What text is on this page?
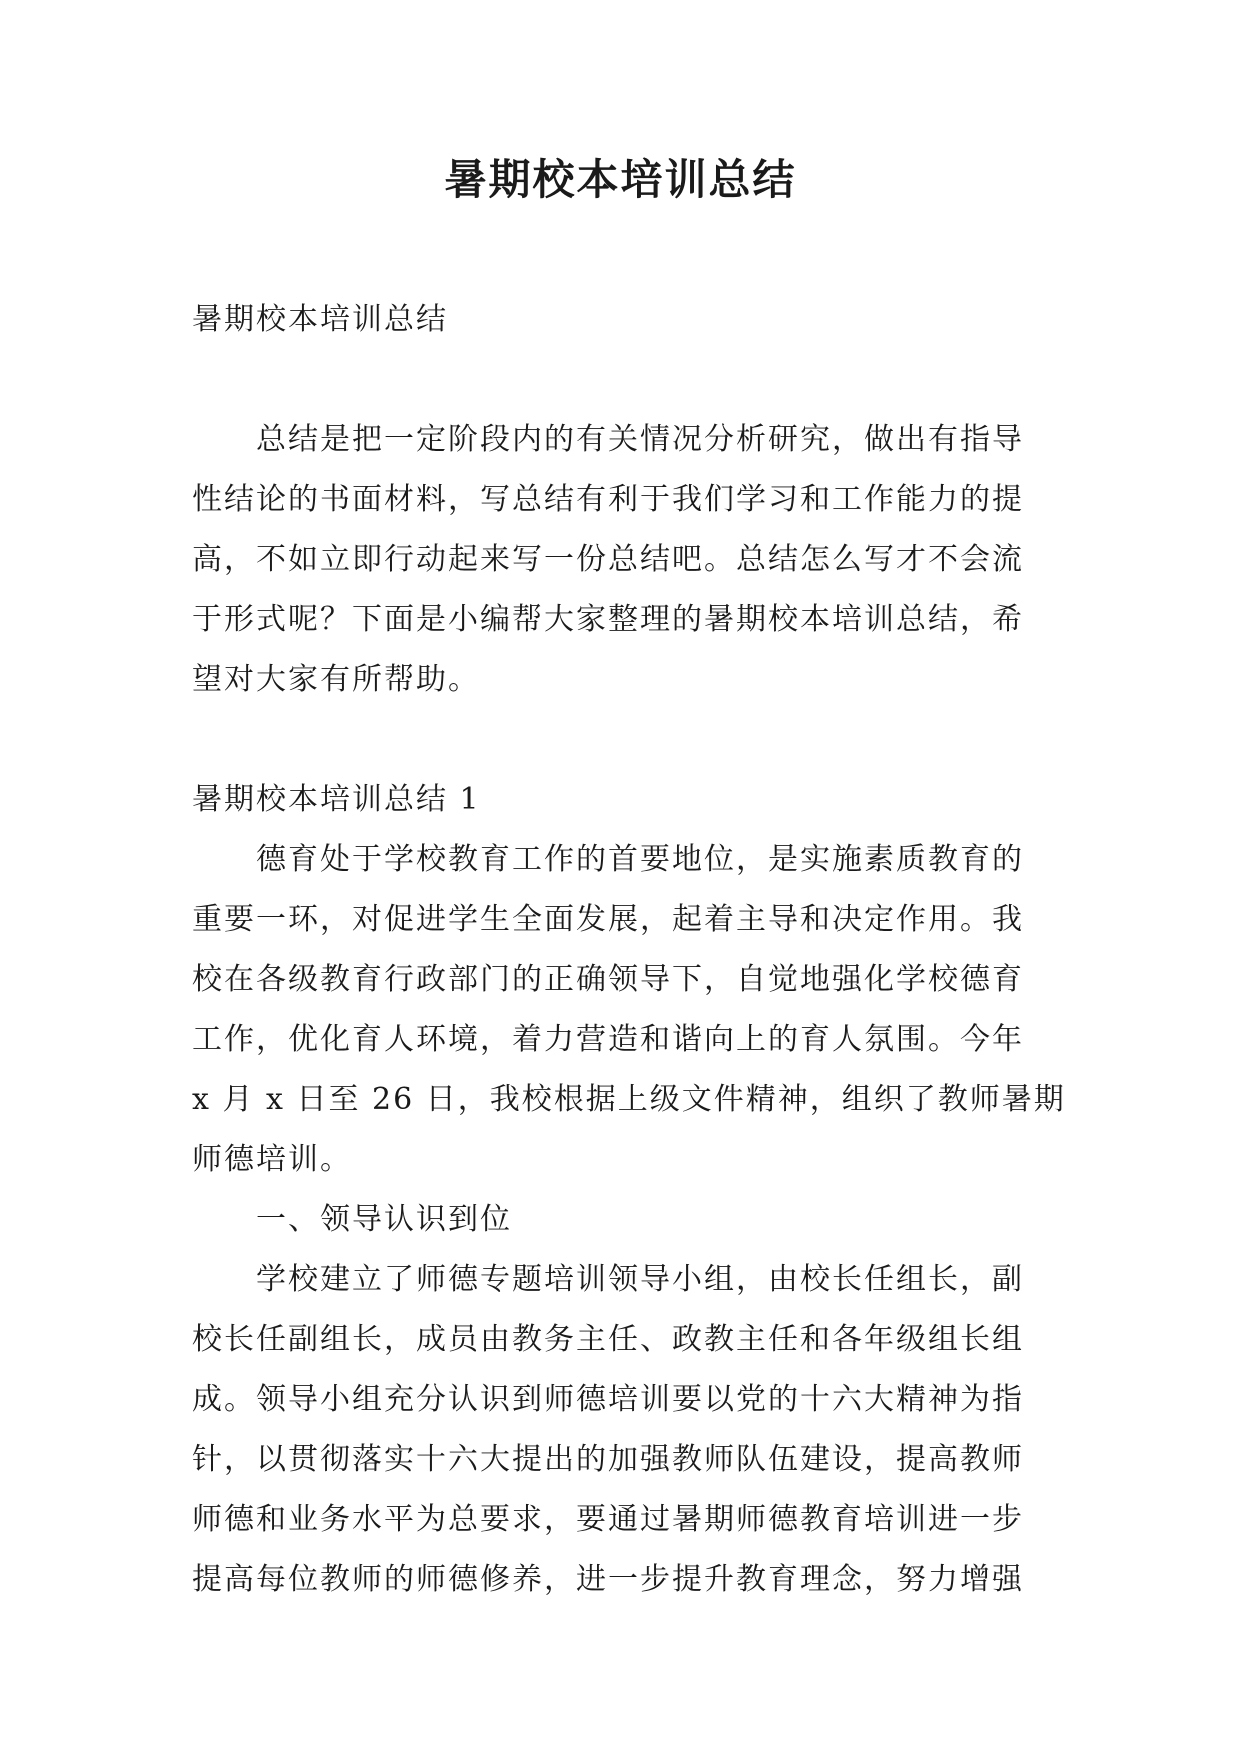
暑期校本培训总结

暑期校本培训总结

总结是把一定阶段内的有关情况分析研究，做出有指导

性结论的书面材料，写总结有利于我们学习和工作能力的提

高，不如立即行动起来写一份总结吧。总结怎么写才不会流

于形式呢？下面是小编帮大家整理的暑期校本培训总结，希

望对大家有所帮助。

暑期校本培训总结 1

德育处于学校教育工作的首要地位，是实施素质教育的

重要一环，对促进学生全面发展，起着主导和决定作用。我

校在各级教育行政部门的正确领导下，自觉地强化学校德育

工作，优化育人环境，着力营造和谐向上的育人氛围。今年

x 月 x 日至 26 日，我校根据上级文件精神，组织了教师暑期

师德培训。

一、领导认识到位

学校建立了师德专题培训领导小组，由校长任组长，副

校长任副组长，成员由教务主任、政教主任和各年级组长组

成。领导小组充分认识到师德培训要以党的十六大精神为指

针，以贯彻落实十六大提出的加强教师队伍建设，提高教师

师德和业务水平为总要求，要通过暑期师德教育培训进一步

提高每位教师的师德修养，进一步提升教育理念，努力增强
